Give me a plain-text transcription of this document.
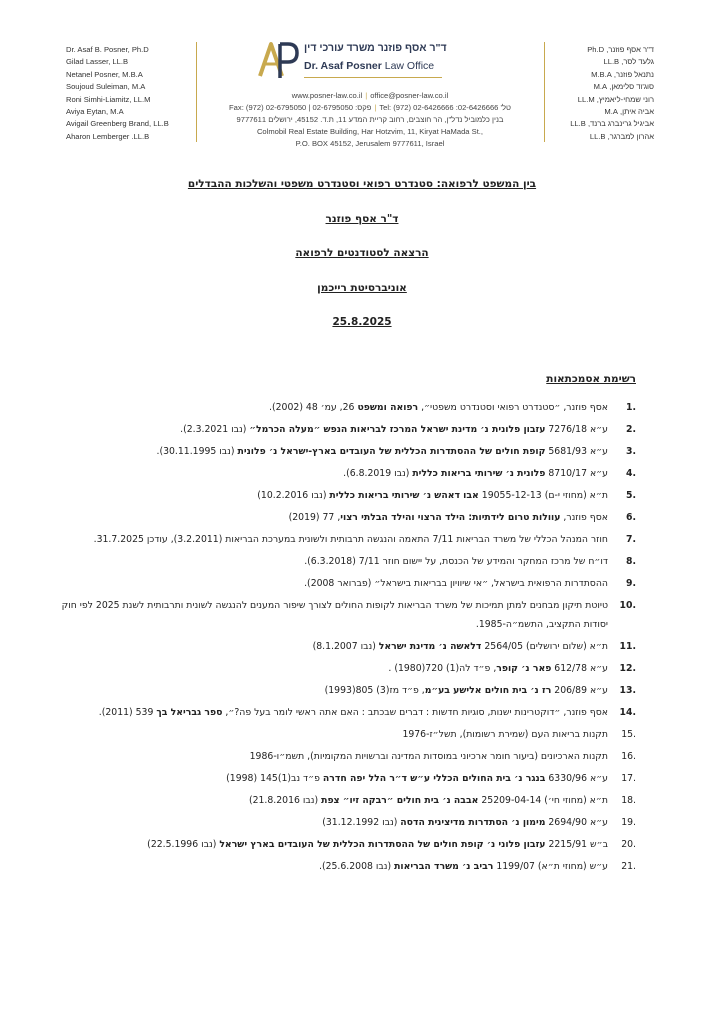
Dr. Asaf B. Posner, Ph.D
Gilad Lasser, LL.B
Netanel Posner, M.B.A
Soujoud Suleiman, M.A
Roni Simhi-Liamitz, LL.M
Aviya Eytan, M.A
Avigail Greenberg Brand, LL.B
Aharon Lemberger .LL.B
ד"ר אסף פוזנר משרד עורכי דין
Dr. Asaf Posner Law Office
www.posner-law.co.il | office@posner-law.co.il
Fax: (972) 02-6795050 | פקס: 02-6795050 | Tel: (972) 02-6426666 :טל' 02-6426666
בנין כלמוביל נדל"ן, הר חוצבים, רחוב קריית המדע 11, ת.ד. 45152, ירושלים 9777611
Colmobil Real Estate Building, Har Hotzvim, 11, Kiryat HaMada St.,
P.O. BOX 45152, Jerusalem 9777611, Israel
ד"ר אסף פוזנר, Ph.D
גלעד לסר, LL.B
נתנאל פוזנר, M.B.A
סוג'וד סלימאן, M.A
רוני שמחי-ליאמיץ, LL.M
אביה איתן, M.A
אביגיל גרינברג ברנד, LL.B
אהרון למברגר, LL.B
בין המשפט לרפואה: סטנדרט רפואי וסטנדרט משפטי והשלכות ההבדלים
ד"ר אסף פוזנר
הרצאה לסטודנטים לרפואה
אוניברסיטת רייכמן
25.8.2025
רשימת אסמכתאות
1.
אסף פוזנר, ״סטנדרט רפואי וסטנדרט משפטי״, רפואה ומשפט 26, עמ׳ 48 (2002).
2.
ע״א 7276/18 עזבון פלונית נ׳ מדינת ישראל המרכז לבריאות הנפש ״מעלה הכרמל״ (נבו 2.3.2021).
3.
ע״א 5681/93 קופת חולים של ההסתדרות הכללית של העובדים בארץ-ישראל נ׳ פלונית (נבו 30.11.1995).
4.
ע״א 8710/17 פלונית נ׳ שירותי בריאות כללית (נבו 6.8.2019).
5.
ת״א (מחוזי י-ם) 19055-12-13 אבו דאהש נ׳ שירותי בריאות כללית (נבו 10.2.2016)
6.
אסף פוזנר, עוולות טרום לידתיות: הילד הרצוי והילד הבלתי רצוי, 77 (2019)
7.
חוזר המנהל הכללי של משרד הבריאות 7/11 התאמה והנגשה תרבותית ולשונית במערכת הבריאות (3.2.2011), עודכן 31.7.2025.
8.
דו״ח של מרכז המחקר והמידע של הכנסת, על יישום חוזר 7/11 (6.3.2018).
9.
ההסתדרות הרפואית בישראל, ״אי שיוויון בבריאות בישראל״ (פברואר 2008).
10.
טיוטת תיקון מבחנים למתן תמיכות של משרד הבריאות לקופות החולים לצורך שיפור המענים להנגשה לשונית ותרבותית לשנת 2025 לפי חוק יסודות התקציב, התשמ״ה-1985.
11.
ת״א (שלום ירושלים) 2564/05 דלאשה נ׳ מדינת ישראל (נבו 8.1.2007)
12.
ע״א 612/78 פאר נ׳ קופר, פ״ד לה(1) 720(1980) .
13.
ע״א 206/89 רז נ׳ בית חולים אלישע בע״מ, פ״ד מז(3) 805(1993)
14.
אסף פוזנר, ״דוקטרינות ישנות, סוגיות חדשות : דברים שבכתב : האם אתה ראשי לומר בעל פה?״, ספר גבריאל בך 539 (2011).
15.
תקנות בריאות העם (שמירת רשומות), תשל״ז-1976
16.
תקנות הארכיונים (ביעור חומר ארכיוני במוסדות המדינה וברשויות המקומיות), תשמ״ו-1986
17.
ע״א 6330/96 בנגר נ׳ בית החולים הכללי ע״ש ד״ר הלל יפה חדרה פ״ד נב(1)145 (1998)
18.
ת״א (מחוזי חי׳) 25209-04-14 אבבה נ׳ בית חולים ״רבקה זיו״ צפת (נבו 21.8.2016)
19.
ע״א 2694/90 מימון נ׳ הסתדרות מדיצינית הדסה (נבו 31.12.1992)
20.
ב״ש 2215/91 עזבון פלוני נ׳ קופת חולים של ההסתדרות הכללית של העובדים בארץ ישראל (נבו 22.5.1996)
21.
ע״ש (מחוזי ת״א) 1199/07 רביב נ׳ משרד הבריאות (נבו 25.6.2008).
